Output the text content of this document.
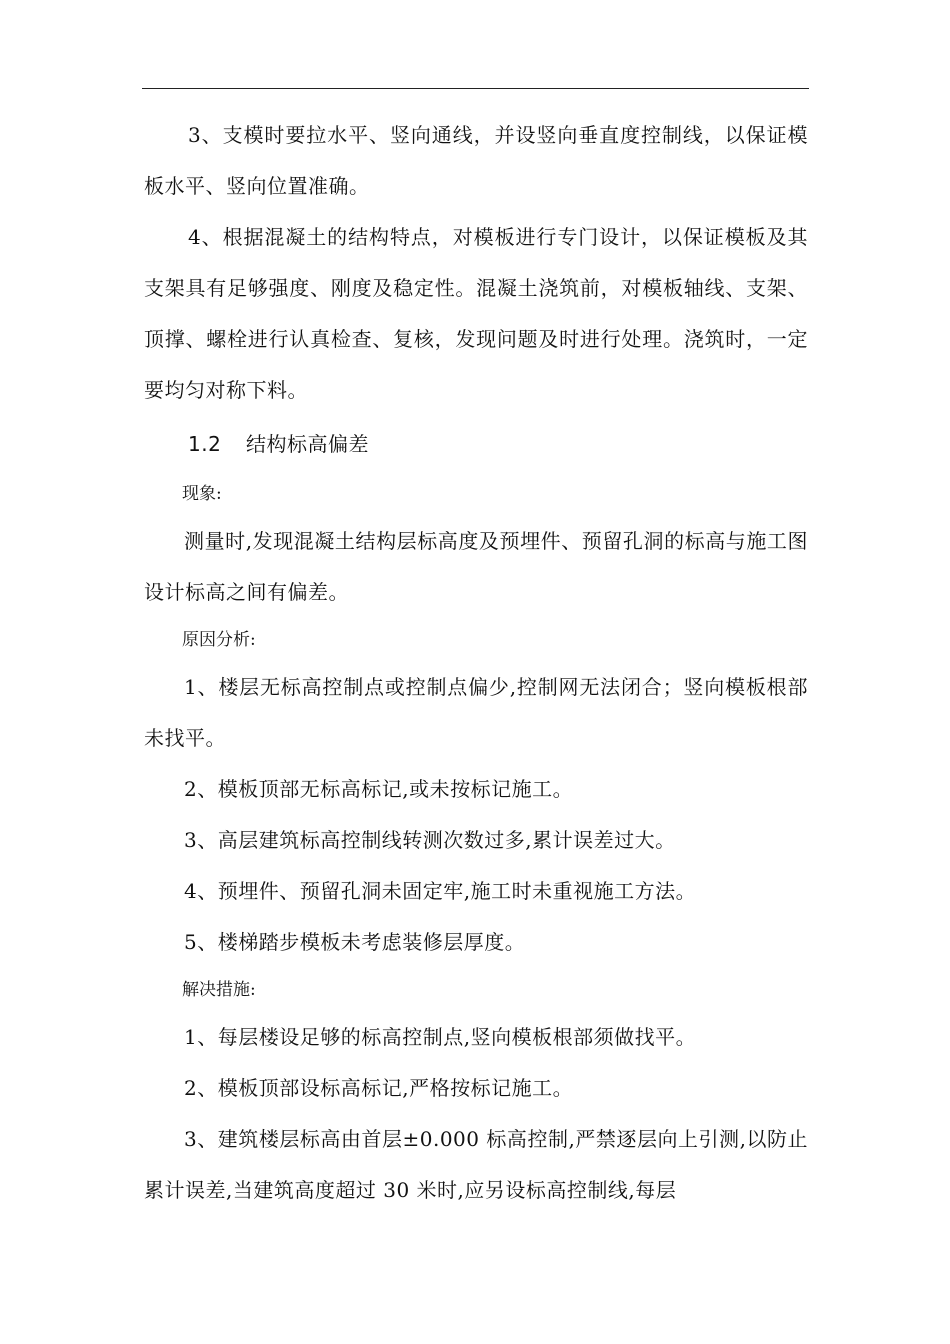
3、支模时要拉水平、竖向通线，并设竖向垂直度控制线，以保证模板水平、竖向位置准确。

4、根据混凝土的结构特点，对模板进行专门设计，以保证模板及其支架具有足够强度、刚度及稳定性。混凝土浇筑前，对模板轴线、支架、顶撑、螺栓进行认真检查、复核，发现问题及时进行处理。浇筑时，一定要均匀对称下料。

1.2 结构标高偏差

现象:

测量时,发现混凝土结构层标高度及预埋件、预留孔洞的标高与施工图设计标高之间有偏差。

原因分析:

1、楼层无标高控制点或控制点偏少,控制网无法闭合；竖向模板根部未找平。

2、模板顶部无标高标记,或未按标记施工。

3、高层建筑标高控制线转测次数过多,累计误差过大。

4、预埋件、预留孔洞未固定牢,施工时未重视施工方法。

5、楼梯踏步模板未考虑装修层厚度。

解决措施:

1、每层楼设足够的标高控制点,竖向模板根部须做找平。

2、模板顶部设标高标记,严格按标记施工。

3、建筑楼层标高由首层±0.000 标高控制,严禁逐层向上引测,以防止累计误差,当建筑高度超过 30 米时,应另设标高控制线,每层
